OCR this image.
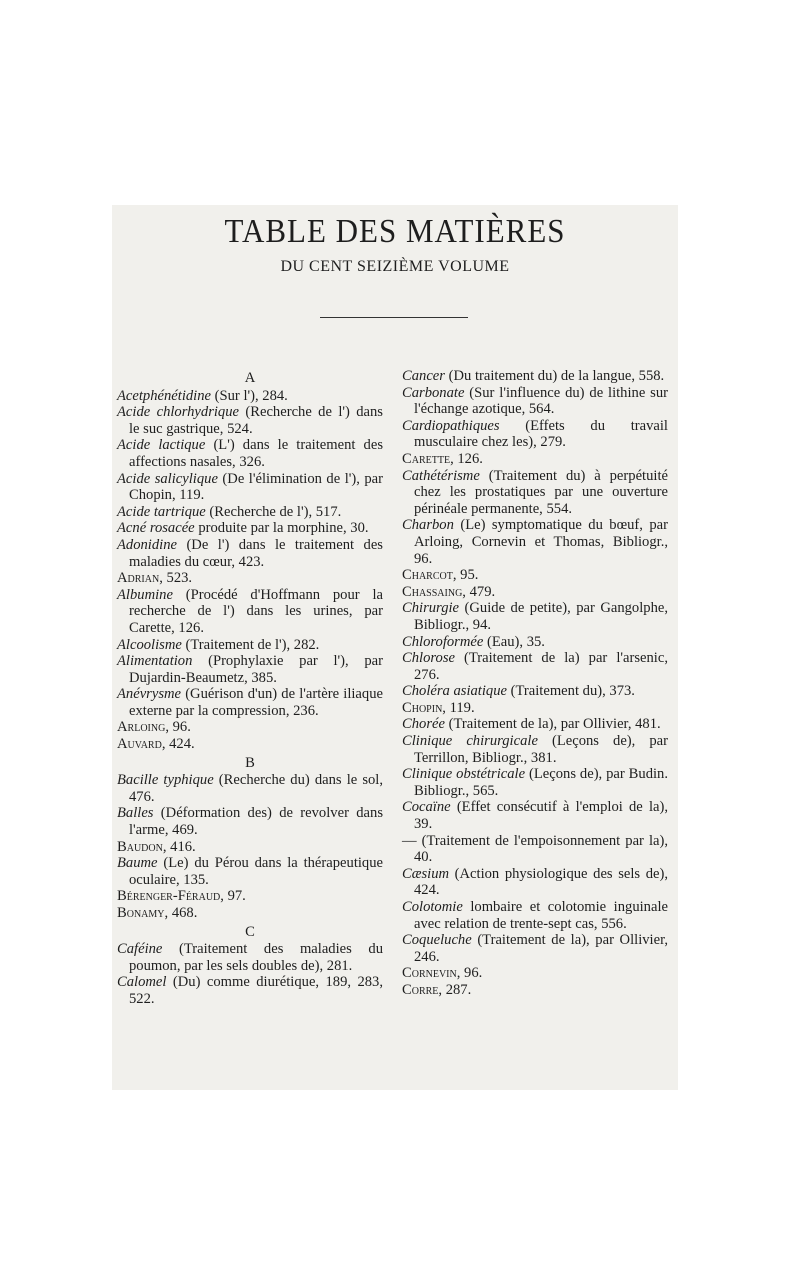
TABLE DES MATIÈRES
DU CENT SEIZIÈME VOLUME
A

Acetphénétidine (Sur l'), 284.

Acide chlorhydrique (Recherche de l') dans le suc gastrique, 524.

Acide lactique (L') dans le traitement des affections nasales, 326.

Acide salicylique (De l'élimination de l'), par Chopin, 119.

Acide tartrique (Recherche de l'), 517.

Acné rosacée produite par la morphine, 30.

Adonidine (De l') dans le traitement des maladies du cœur, 423.

Adrian, 523.

Albumine (Procédé d'Hoffmann pour la recherche de l') dans les urines, par Carette, 126.

Alcoolisme (Traitement de l'), 282.

Alimentation (Prophylaxie par l'), par Dujardin-Beaumetz, 385.

Anévrysme (Guérison d'un) de l'artère iliaque externe par la compression, 236.

Arloing, 96.

Auvard, 424.

B

Bacille typhique (Recherche du) dans le sol, 476.

Balles (Déformation des) de revolver dans l'arme, 469.

Baudon, 416.

Baume (Le) du Pérou dans la thérapeutique oculaire, 135.

Bérenger-Féraud, 97.

Bonamy, 468.

C

Caféine (Traitement des maladies du poumon, par les sels doubles de), 281.

Calomel (Du) comme diurétique, 189, 283, 522.

Cancer (Du traitement du) de la langue, 558.

Carbonate (Sur l'influence du) de lithine sur l'échange azotique, 564.

Cardiopathiques (Effets du travail musculaire chez les), 279.

Carette, 126.

Cathétérisme (Traitement du) à perpétuité chez les prostatiques par une ouverture périnéale permanente, 554.

Charbon (Le) symptomatique du bœuf, par Arloing, Cornevin et Thomas, Bibliogr., 96.

Charcot, 95.

Chassaing, 479.

Chirurgie (Guide de petite), par Gangolphe, Bibliogr., 94.

Chloroformée (Eau), 35.

Chlorose (Traitement de la) par l'arsenic, 276.

Choléra asiatique (Traitement du), 373.

Chopin, 119.

Chorée (Traitement de la), par Ollivier, 481.

Clinique chirurgicale (Leçons de), par Terrillon, Bibliogr., 381.

Clinique obstétricale (Leçons de), par Budin. Bibliogr., 565.

Cocaïne (Effet consécutif à l'emploi de la), 39.

— (Traitement de l'empoisonnement par la), 40.

Cæsium (Action physiologique des sels de), 424.

Colotomie lombaire et colotomie inguinale avec relation de trente-sept cas, 556.

Coqueluche (Traitement de la), par Ollivier, 246.

Cornevin, 96.

Corre, 287.
